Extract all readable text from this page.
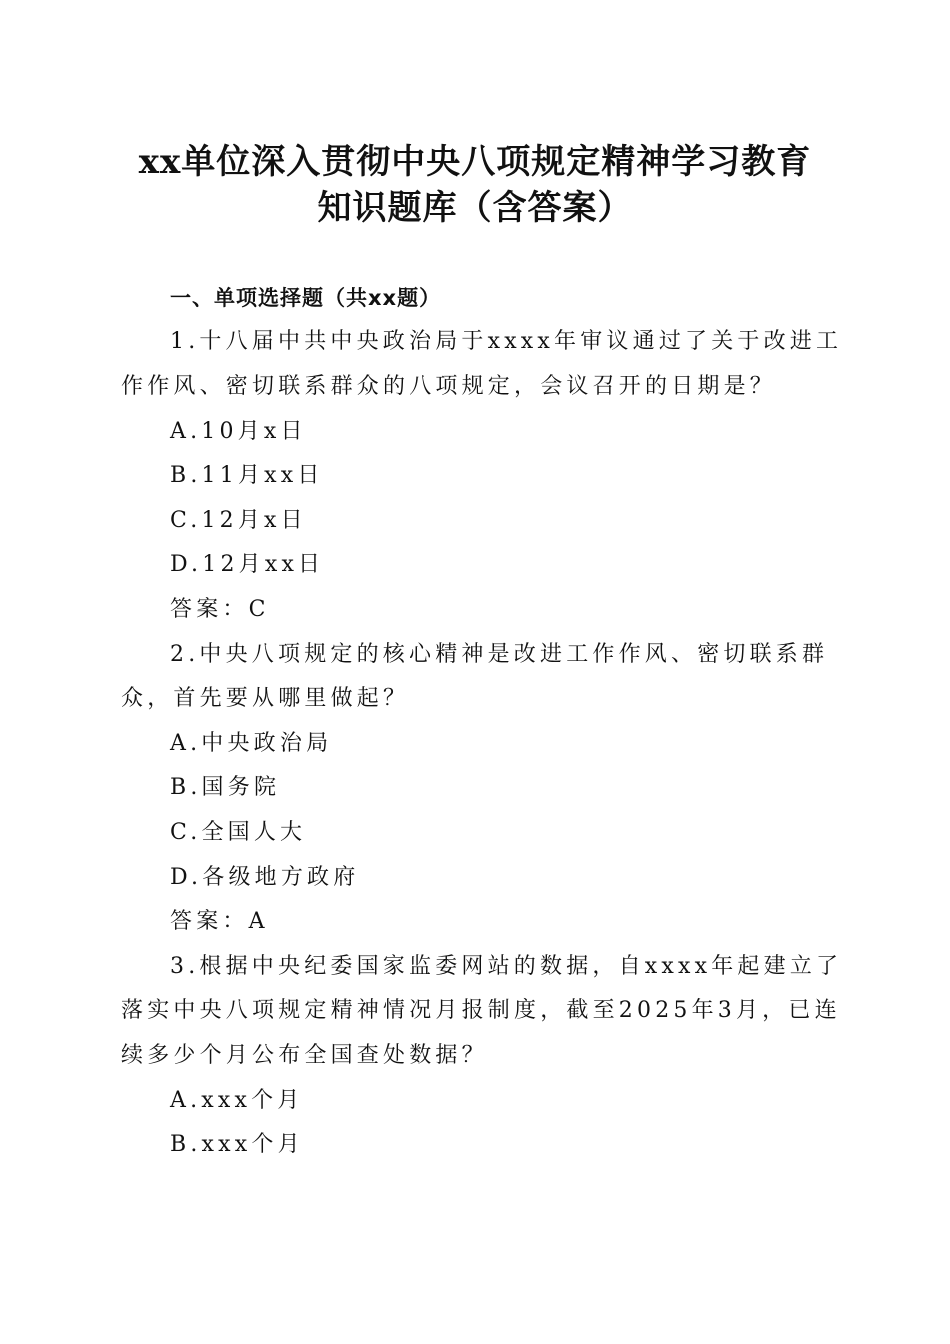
xx单位深入贯彻中央八项规定精神学习教育
知识题库（含答案）
一、单项选择题（共xx题）
1.十八届中共中央政治局于xxxx年审议通过了关于改进工
作作风、密切联系群众的八项规定，会议召开的日期是？
A.10月x日
B.11月xx日
C.12月x日
D.12月xx日
答案：C
2.中央八项规定的核心精神是改进工作作风、密切联系群
众，首先要从哪里做起？
A.中央政治局
B.国务院
C.全国人大
D.各级地方政府
答案：A
3.根据中央纪委国家监委网站的数据，自xxxx年起建立了
落实中央八项规定精神情况月报制度，截至2025年3月，已连
续多少个月公布全国查处数据？
A.xxx个月
B.xxx个月
